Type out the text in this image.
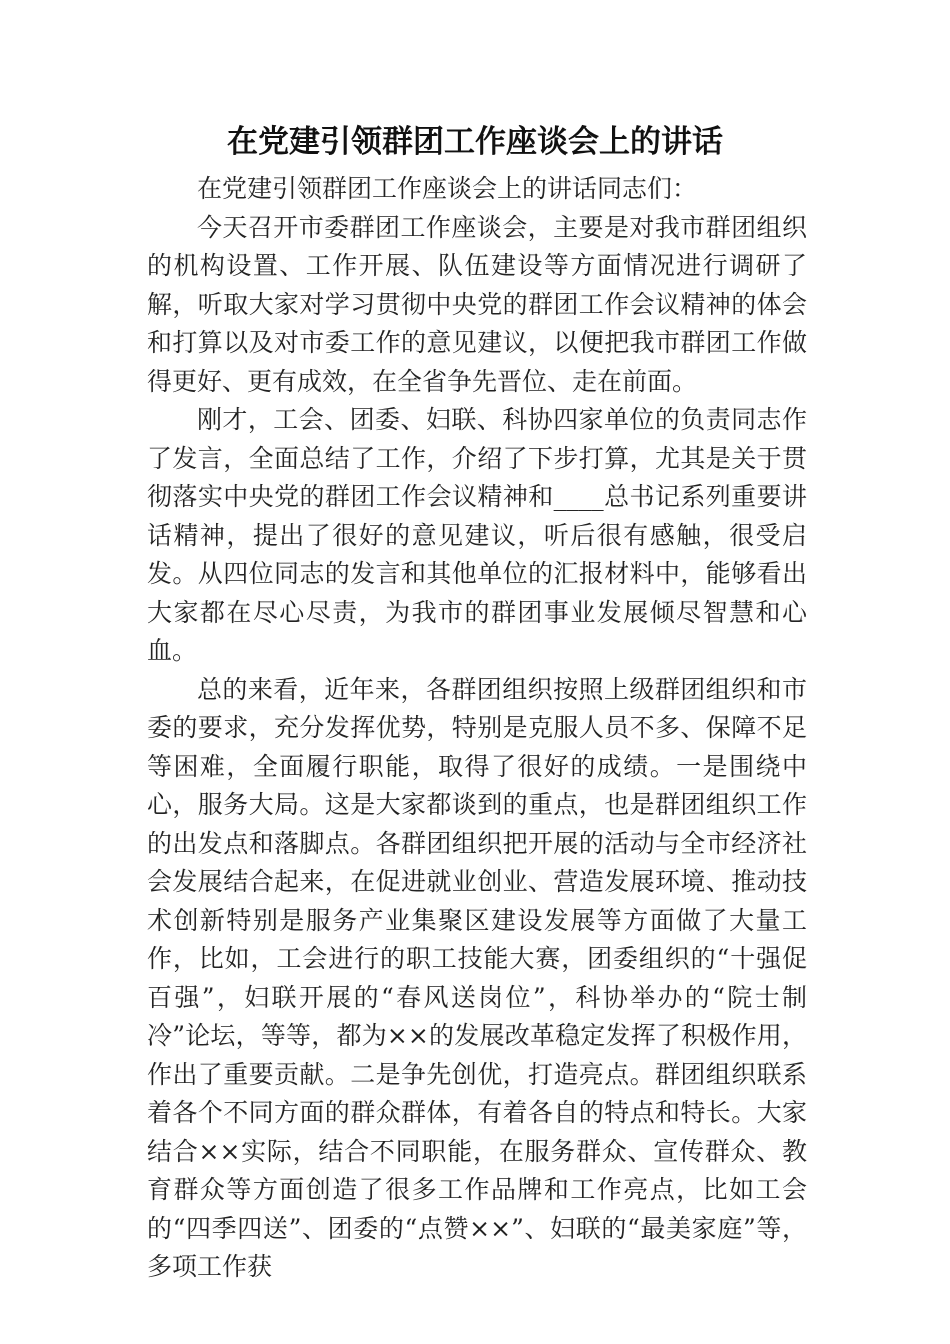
在党建引领群团工作座谈会上的讲话

在党建引领群团工作座谈会上的讲话同志们：

今天召开市委群团工作座谈会，主要是对我市群团组织的机构设置、工作开展、队伍建设等方面情况进行调研了解，听取大家对学习贯彻中央党的群团工作会议精神的体会和打算以及对市委工作的意见建议，以便把我市群团工作做得更好、更有成效，在全省争先晋位、走在前面。

刚才，工会、团委、妇联、科协四家单位的负责同志作了发言，全面总结了工作，介绍了下步打算，尤其是关于贯彻落实中央党的群团工作会议精神和____总书记系列重要讲话精神，提出了很好的意见建议，听后很有感触，很受启发。从四位同志的发言和其他单位的汇报材料中，能够看出大家都在尽心尽责，为我市的群团事业发展倾尽智慧和心血。

总的来看，近年来，各群团组织按照上级群团组织和市委的要求，充分发挥优势，特别是克服人员不多、保障不足等困难，全面履行职能，取得了很好的成绩。一是围绕中心，服务大局。这是大家都谈到的重点，也是群团组织工作的出发点和落脚点。各群团组织把开展的活动与全市经济社会发展结合起来，在促进就业创业、营造发展环境、推动技术创新特别是服务产业集聚区建设发展等方面做了大量工作，比如，工会进行的职工技能大赛，团委组织的“十强促百强”，妇联开展的“春风送岗位”，科协举办的“院士制冷”论坛，等等，都为××的发展改革稳定发挥了积极作用，作出了重要贡献。二是争先创优，打造亮点。群团组织联系着各个不同方面的群众群体，有着各自的特点和特长。大家结合××实际，结合不同职能，在服务群众、宣传群众、教育群众等方面创造了很多工作品牌和工作亮点，比如工会的“四季四送”、团委的“点赞××”、妇联的“最美家庭”等，多项工作获
